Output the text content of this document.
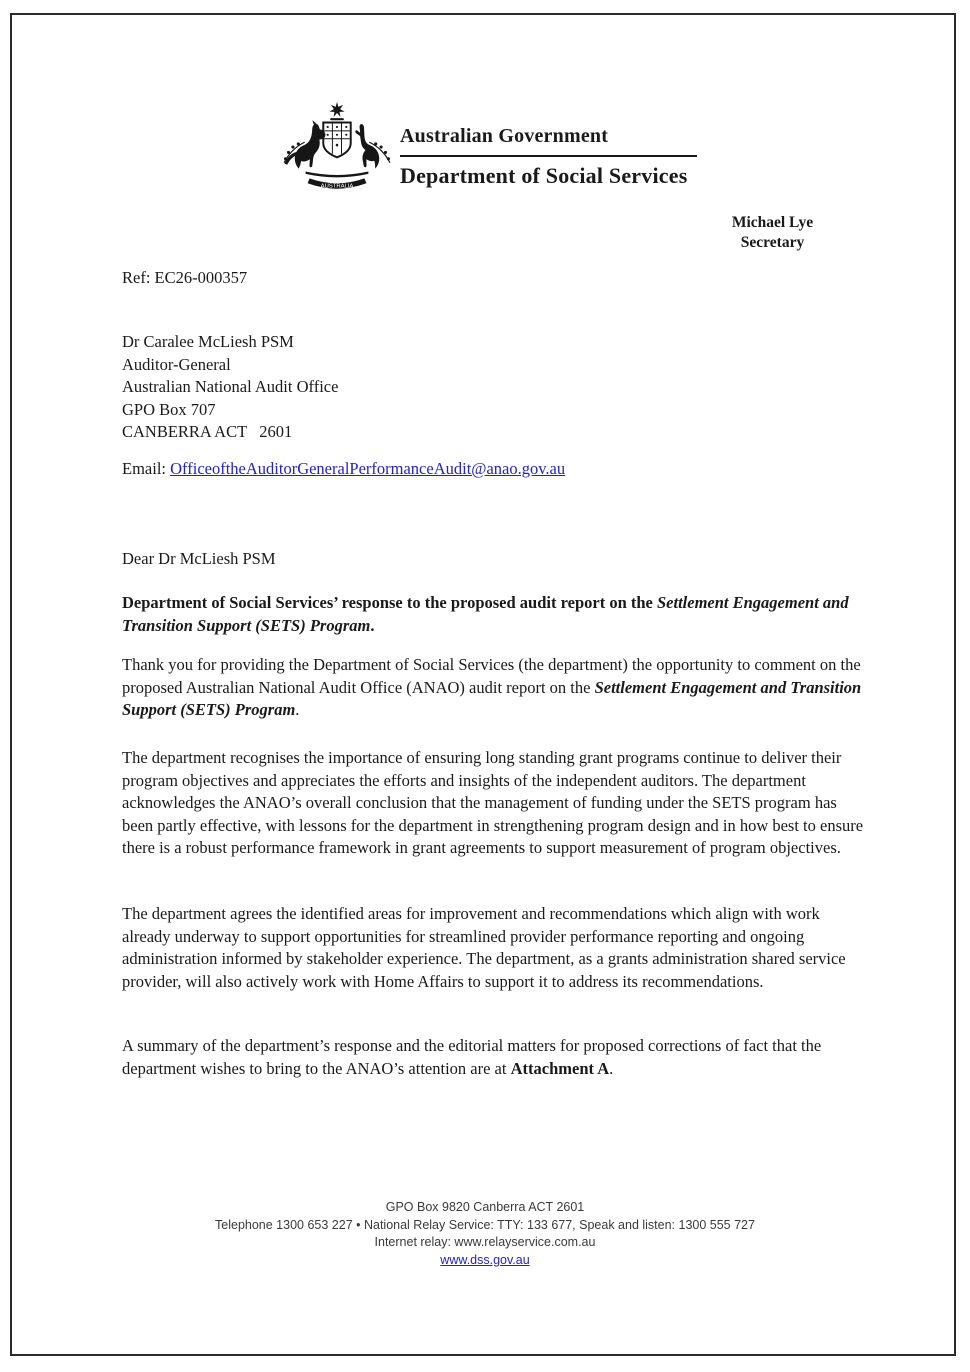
AUSTRALIA
Australian Government
Department of Social Services
Michael Lye
Secretary
Ref: EC26-000357
Dr Caralee McLiesh PSM
Auditor-General
Australian National Audit Office
GPO Box 707
CANBERRA ACT   2601
Email: OfficeoftheAuditorGeneralPerformanceAudit@anao.gov.au
Dear Dr McLiesh PSM

Department of Social Services’ response to the proposed audit report on the Settlement Engagement and Transition Support (SETS) Program.

Thank you for providing the Department of Social Services (the department) the opportunity to comment on the proposed Australian National Audit Office (ANAO) audit report on the Settlement Engagement and Transition Support (SETS) Program.

The department recognises the importance of ensuring long standing grant programs continue to deliver their program objectives and appreciates the efforts and insights of the independent auditors. The department acknowledges the ANAO’s overall conclusion that the management of funding under the SETS program has been partly effective, with lessons for the department in strengthening program design and in how best to ensure there is a robust performance framework in grant agreements to support measurement of program objectives.

The department agrees the identified areas for improvement and recommendations which align with work already underway to support opportunities for streamlined provider performance reporting and ongoing administration informed by stakeholder experience. The department, as a grants administration shared service provider, will also actively work with Home Affairs to support it to address its recommendations.

A summary of the department’s response and the editorial matters for proposed corrections of fact that the department wishes to bring to the ANAO’s attention are at Attachment A.

GPO Box 9820 Canberra ACT 2601
Telephone 1300 653 227 • National Relay Service: TTY: 133 677, Speak and listen: 1300 555 727
Internet relay: www.relayservice.com.au
www.dss.gov.au
